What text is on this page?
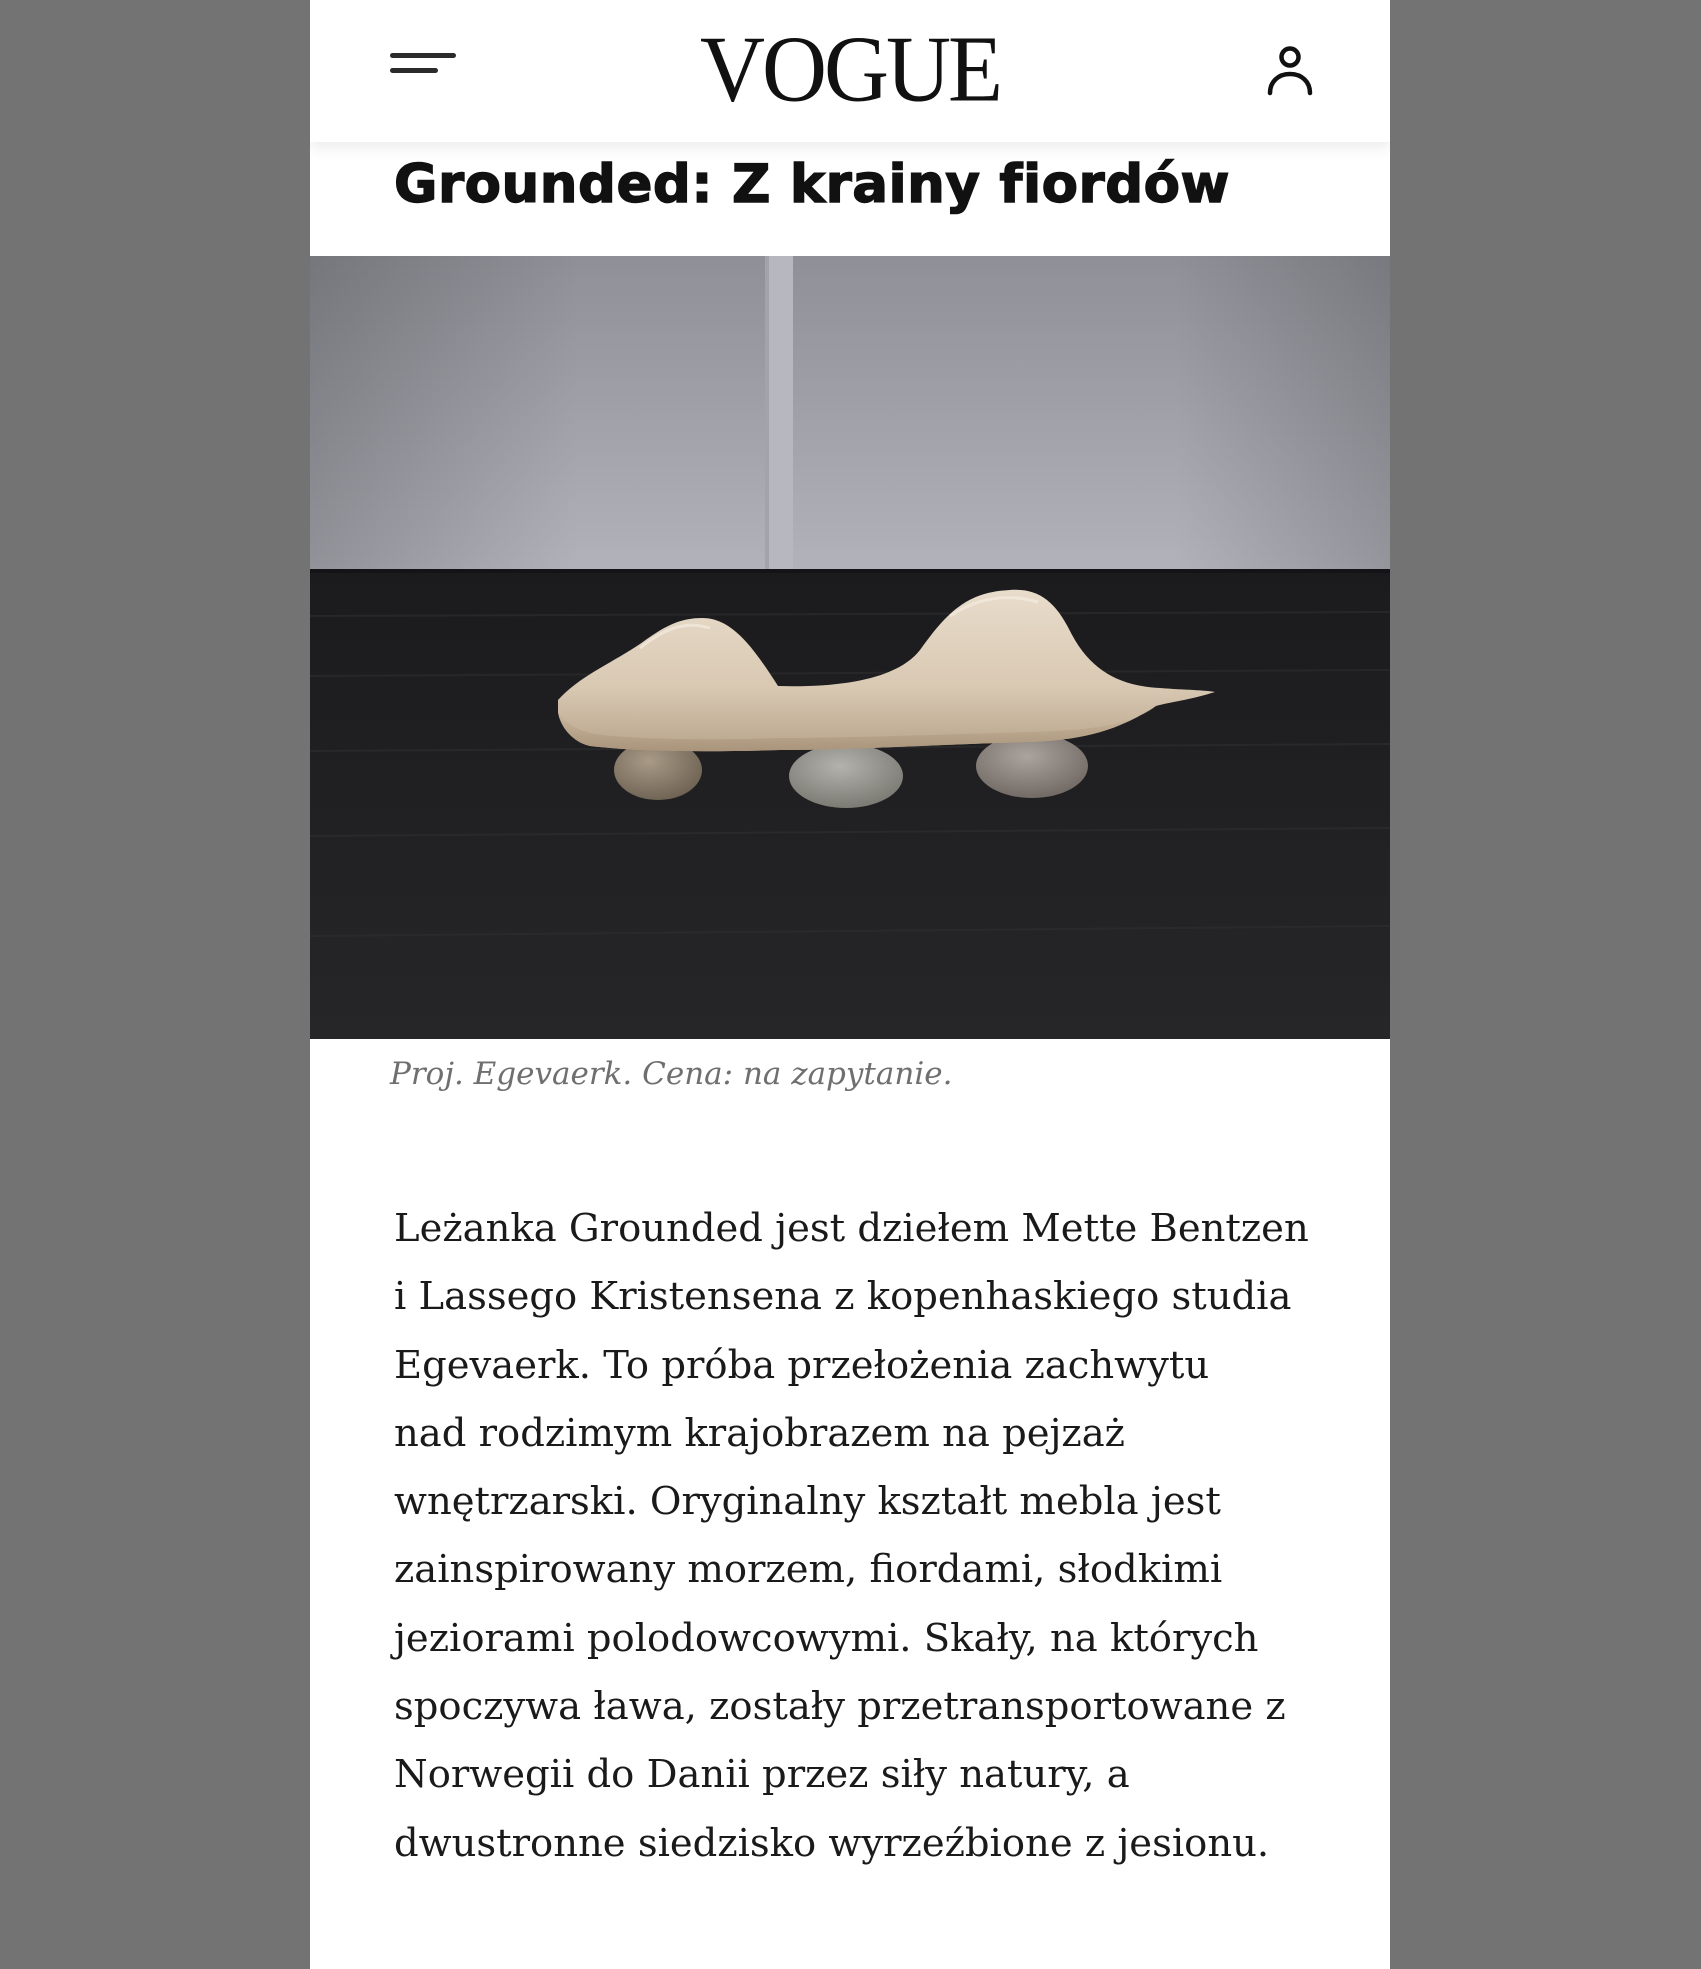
VOGUE
Grounded: Z krainy fiordów
Proj. Egevaerk. Cena: na zapytanie.
Leżanka Grounded jest dziełem Mette Bentzen
i Lassego Kristensena z kopenhaskiego studia
Egevaerk. To próba przełożenia zachwytu
nad rodzimym krajobrazem na pejzaż
wnętrzarski. Oryginalny kształt mebla jest
zainspirowany morzem, fiordami, słodkimi
jeziorami polodowcowymi. Skały, na których
spoczywa ława, zostały przetransportowane z
Norwegii do Danii przez siły natury, a
dwustronne siedzisko wyrzeźbione z jesionu.
